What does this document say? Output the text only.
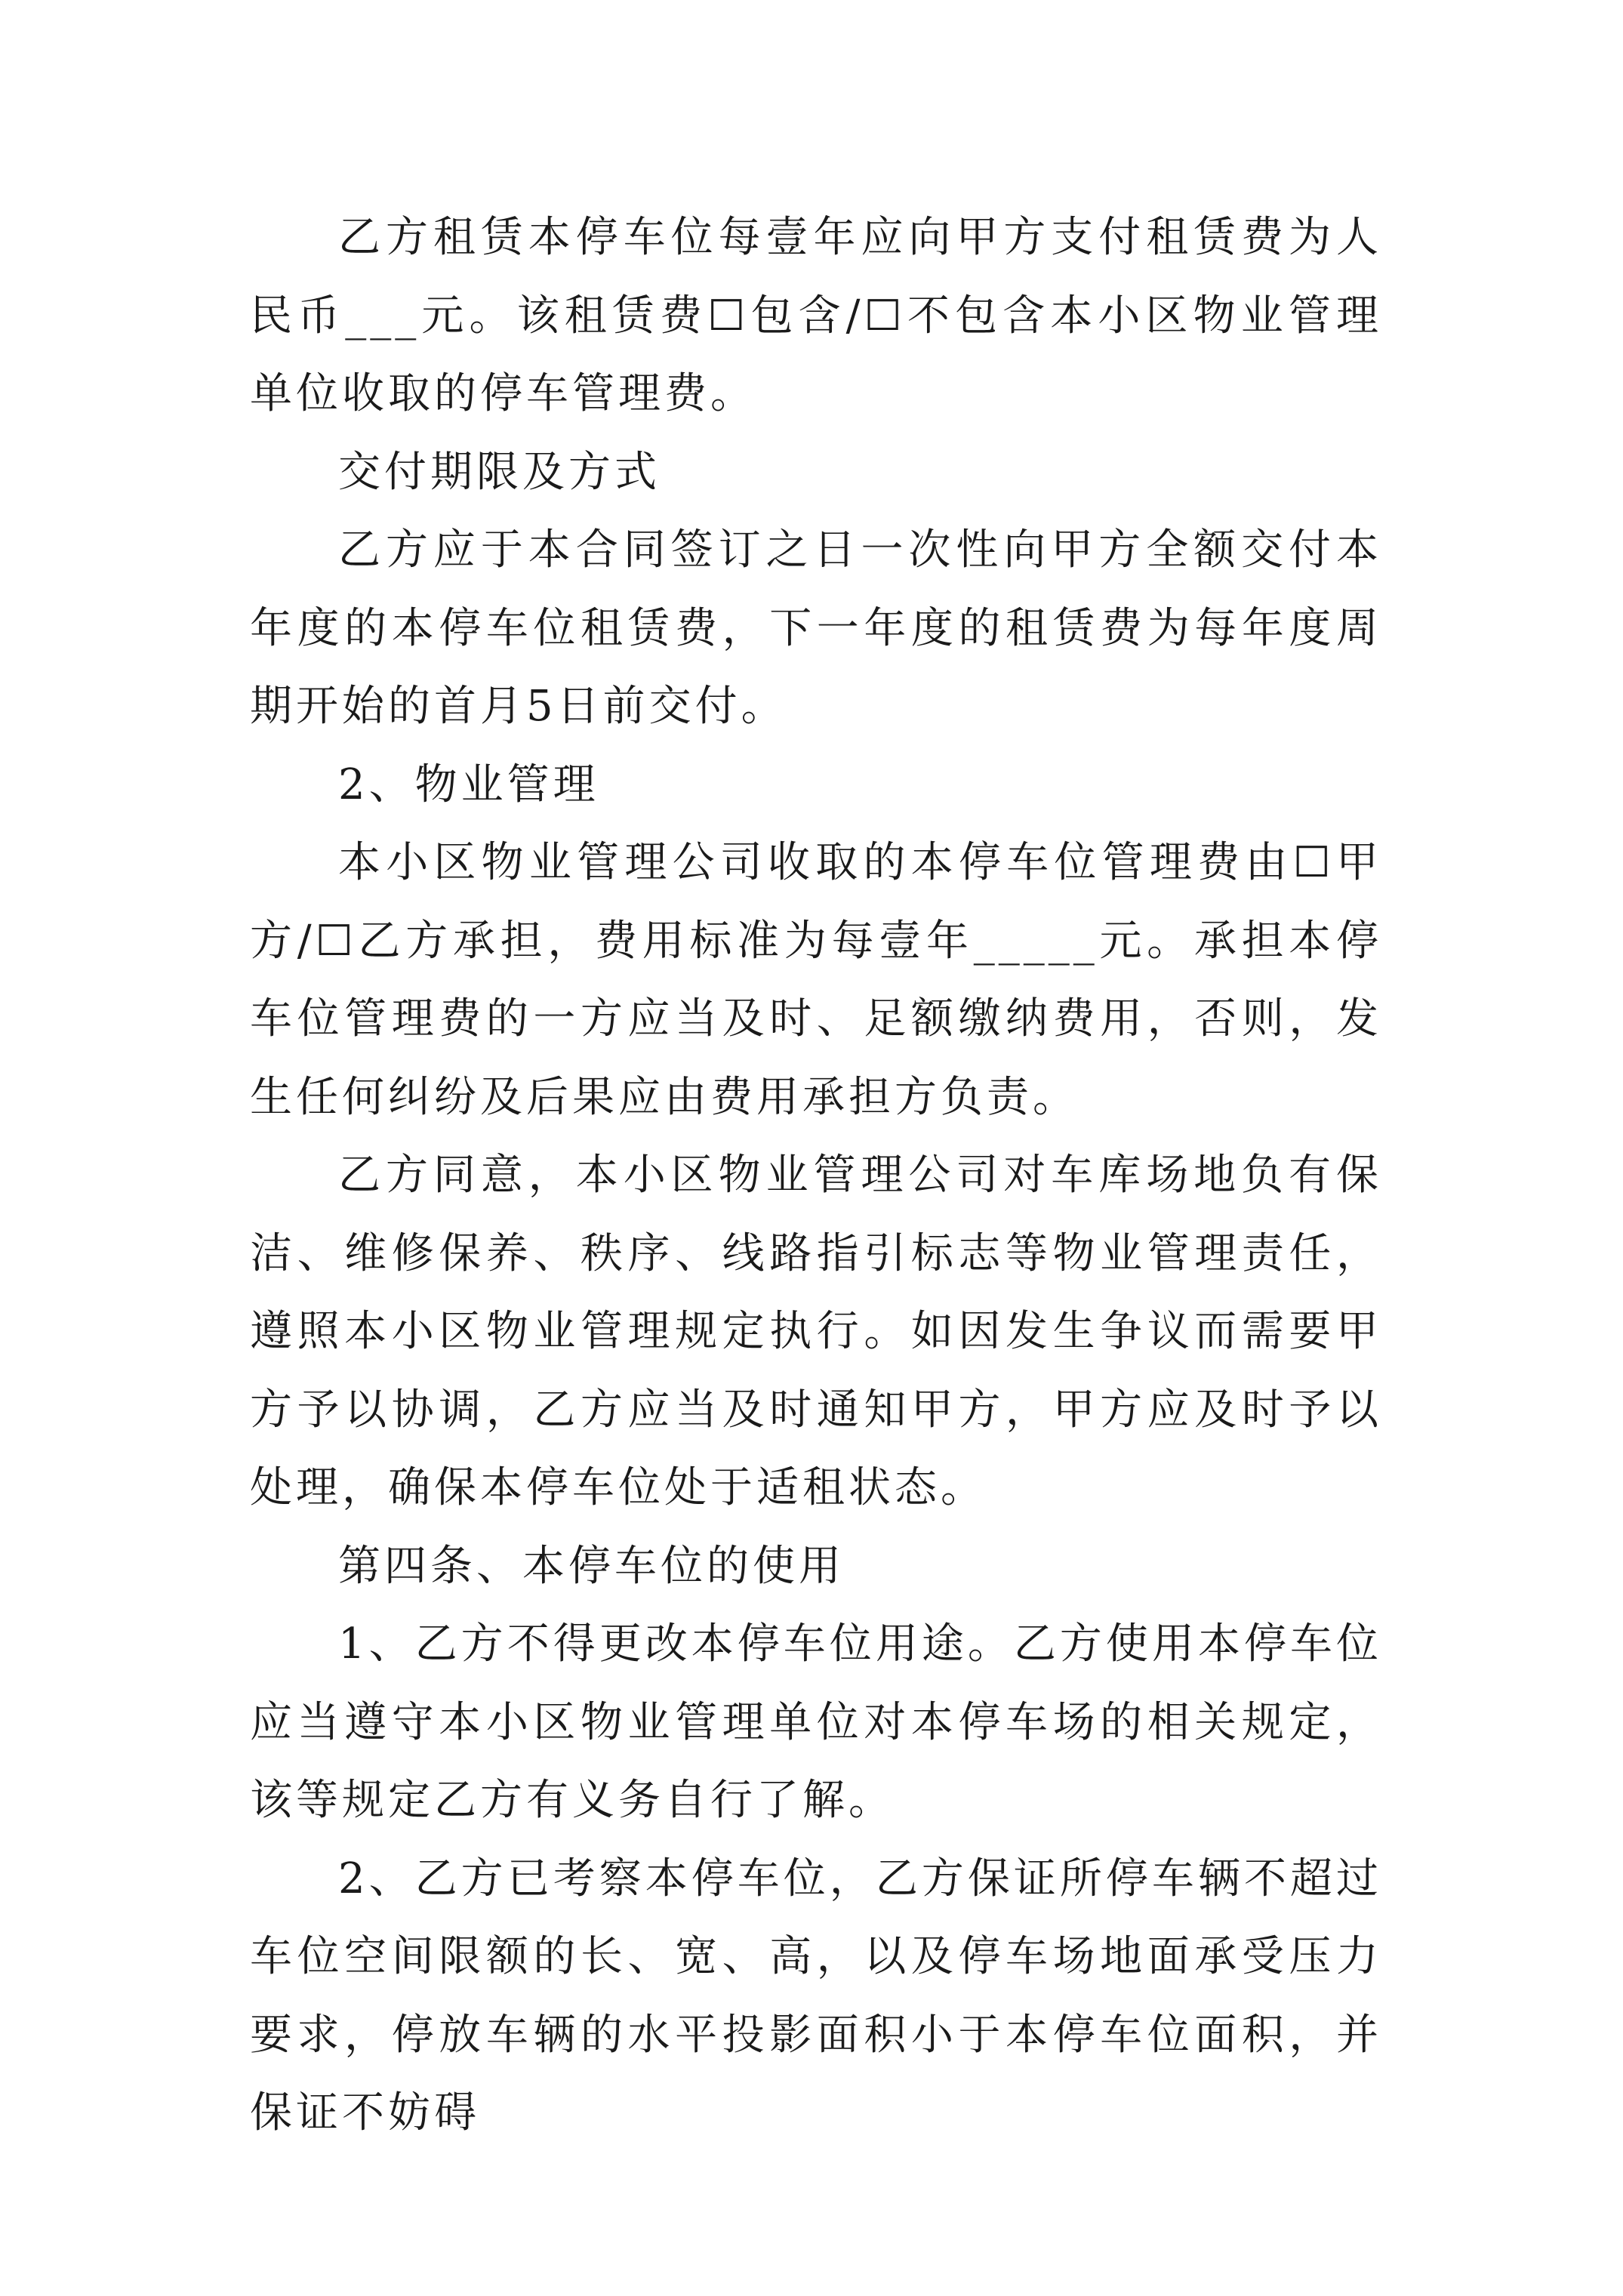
乙方租赁本停车位每壹年应向甲方支付租赁费为人民币___元。该租赁费☐包含/☐不包含本小区物业管理单位收取的停车管理费。

交付期限及方式

乙方应于本合同签订之日一次性向甲方全额交付本年度的本停车位租赁费，下一年度的租赁费为每年度周期开始的首月5日前交付。

2、物业管理

本小区物业管理公司收取的本停车位管理费由☐甲方/☐乙方承担，费用标准为每壹年_____元。承担本停车位管理费的一方应当及时、足额缴纳费用，否则，发生任何纠纷及后果应由费用承担方负责。

乙方同意，本小区物业管理公司对车库场地负有保洁、维修保养、秩序、线路指引标志等物业管理责任，遵照本小区物业管理规定执行。如因发生争议而需要甲方予以协调，乙方应当及时通知甲方，甲方应及时予以处理，确保本停车位处于适租状态。

第四条、本停车位的使用

1、乙方不得更改本停车位用途。乙方使用本停车位应当遵守本小区物业管理单位对本停车场的相关规定，该等规定乙方有义务自行了解。

2、乙方已考察本停车位，乙方保证所停车辆不超过车位空间限额的长、宽、高，以及停车场地面承受压力要求，停放车辆的水平投影面积小于本停车位面积，并保证不妨碍
